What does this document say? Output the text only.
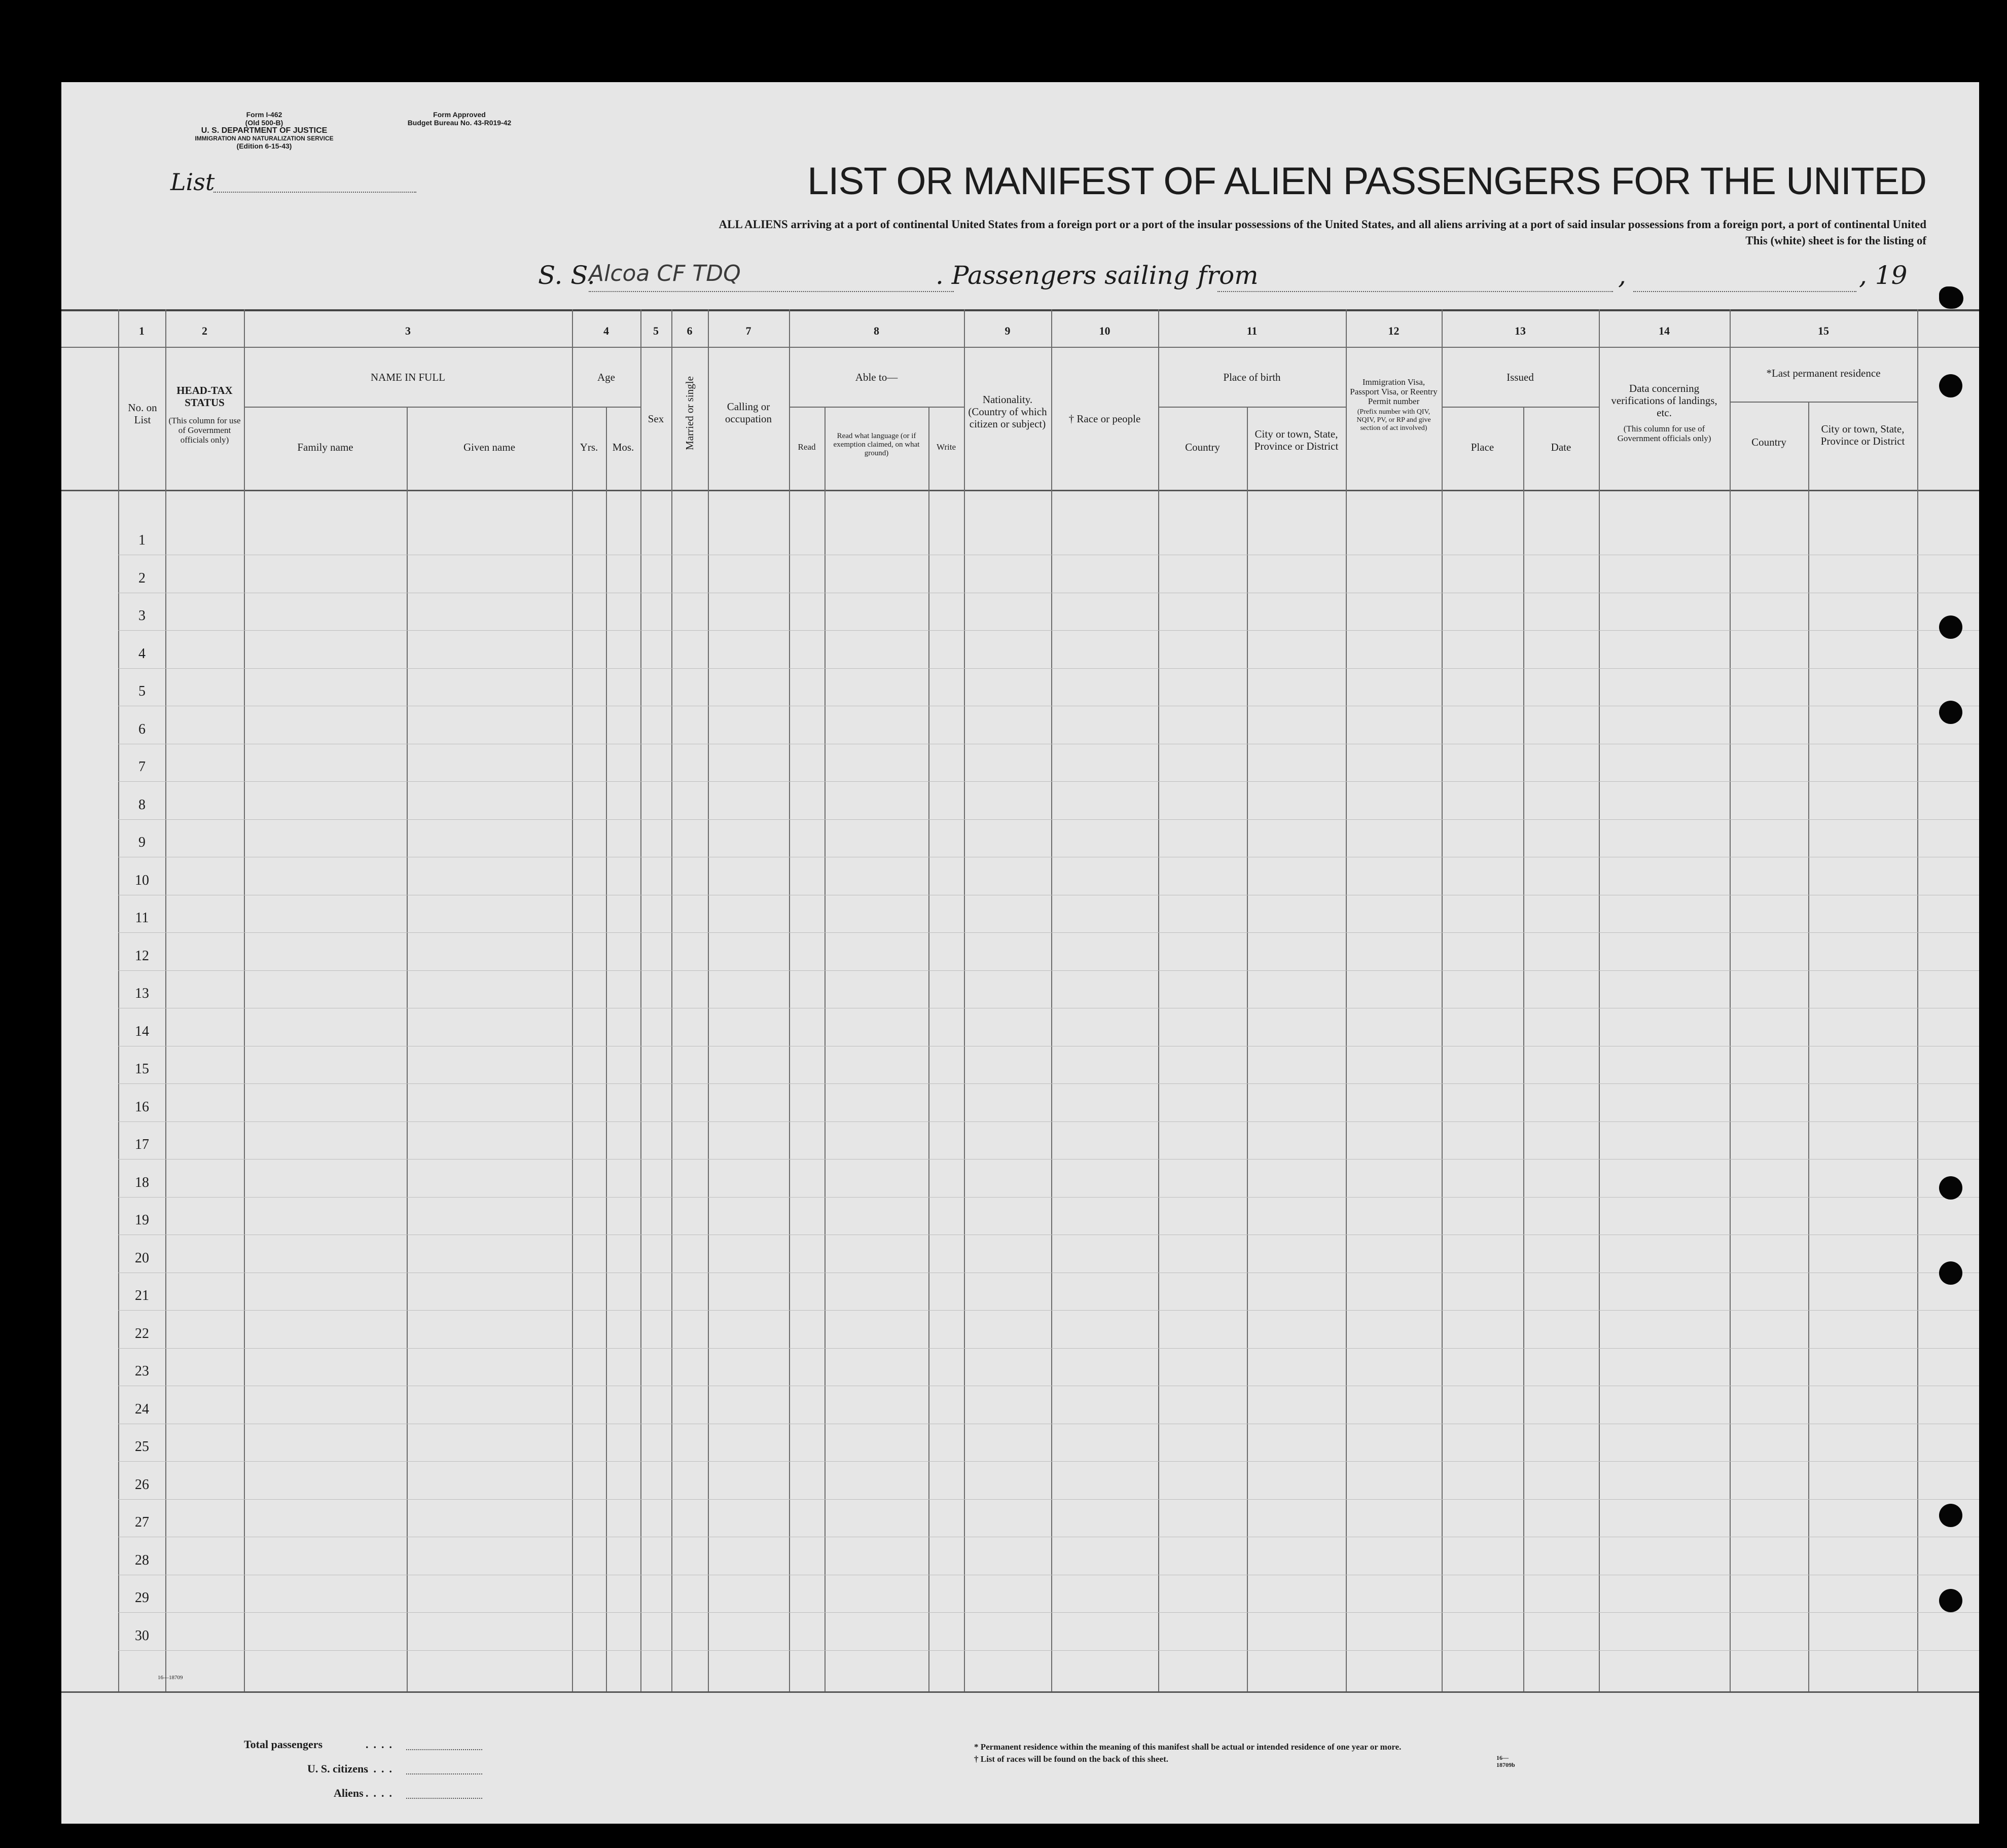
Form I-462
(Old 500-B)
U. S. DEPARTMENT OF JUSTICE
IMMIGRATION AND NATURALIZATION SERVICE
(Edition 6-15-43)
Form Approved
Budget Bureau No. 43-R019-42
List	LIST OR MANIFEST OF ALIEN PASSENGERS FOR THE UNITED
ALL ALIENS arriving at a port of continental United States from a foreign port or a port of the insular possessions of the United States, and all aliens arriving at a port of said insular possessions from a foreign port, a port of continental United
This (white) sheet is for the listing of
S. S.
Alcoa CF TDQ	. Passengers sailing from	,	, 19
1	2	3	4	5	6	7	8	9	10	11	12	13	14	15
No. on List
HEAD-TAX STATUS
(This column for use of Government officials only)
NAME IN FULL
Family name	Given name
Age
Yrs.	Mos.
Sex	Married or single	Calling or occupation
Able to—
Read
Read what language (or if exemption claimed, on what ground)
Write
Nationality. (Country of which citizen or subject)	† Race or people
Place of birth
Country
City or town, State, Province or District
Immigration Visa, Passport Visa, or Reentry Permit number
(Prefix number with QIV, NQIV, PV, or RP and give section of act involved)
Issued
Place	Date
Data concerning verifications of landings, etc.
(This column for use of Government officials only)
*Last permanent residence
Country
City or town, State, Province or District
1
2
3
4
5
6
7
8
9
10
11
12
13
14
15
16
17
18
19
20
21
22
23
24
25
26
27
28
29
30
16—18709
Total passengers	....
U. S. citizens
....
Aliens ....
* Permanent residence within the meaning of this manifest shall be actual or intended residence of one year or more.
† List of races will be found on the back of this sheet.	16—18709b
